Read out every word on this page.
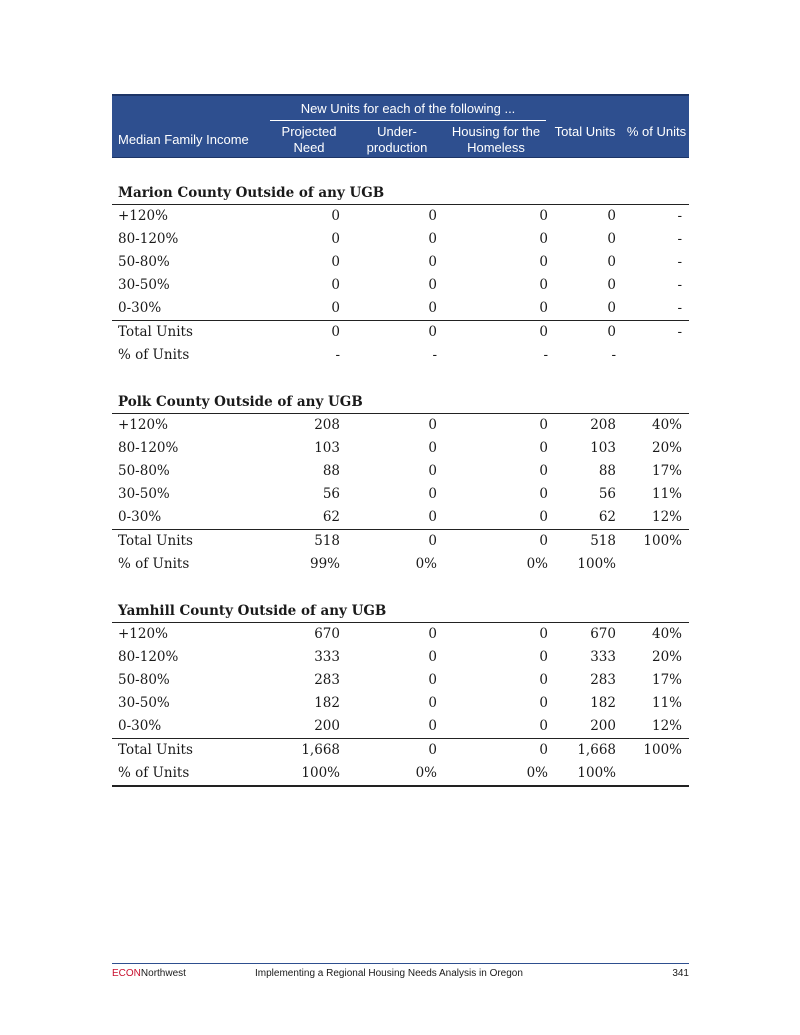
New Units for each of the following ...
Median Family Income
Projected Need
Under- production
Housing for the Homeless
Total Units % of Units
Marion County Outside of any UGB
+120%	0	0	0	0	-
80-120%	0	0	0	0	-
50-80%	0	0	0	0	-
30-50%	0	0	0	0	-
0-30%	0	0	0	0	-
Total Units	0	0	0	0	-
% of Units	-	-	-	-
Polk County Outside of any UGB
+120%	208	0	0	208	40%
80-120%	103	0	0	103	20%
50-80%	88	0	0	88	17%
30-50%	56	0	0	56	11%
0-30%	62	0	0	62	12%
Total Units	518	0	0	518 100%
% of Units	99%	0%	0% 100%
Yamhill County Outside of any UGB
+120%	670	0	0	670	40%
80-120%	333	0	0	333	20%
50-80%	283	0	0	283	17%
30-50%	182	0	0	182	11%
0-30%	200	0	0	200	12%
Total Units	1,668	0	0 1,668 100%
% of Units	100%	0%	0% 100%
ECONNorthwest	Implementing a Regional Housing Needs Analysis in Oregon	341
